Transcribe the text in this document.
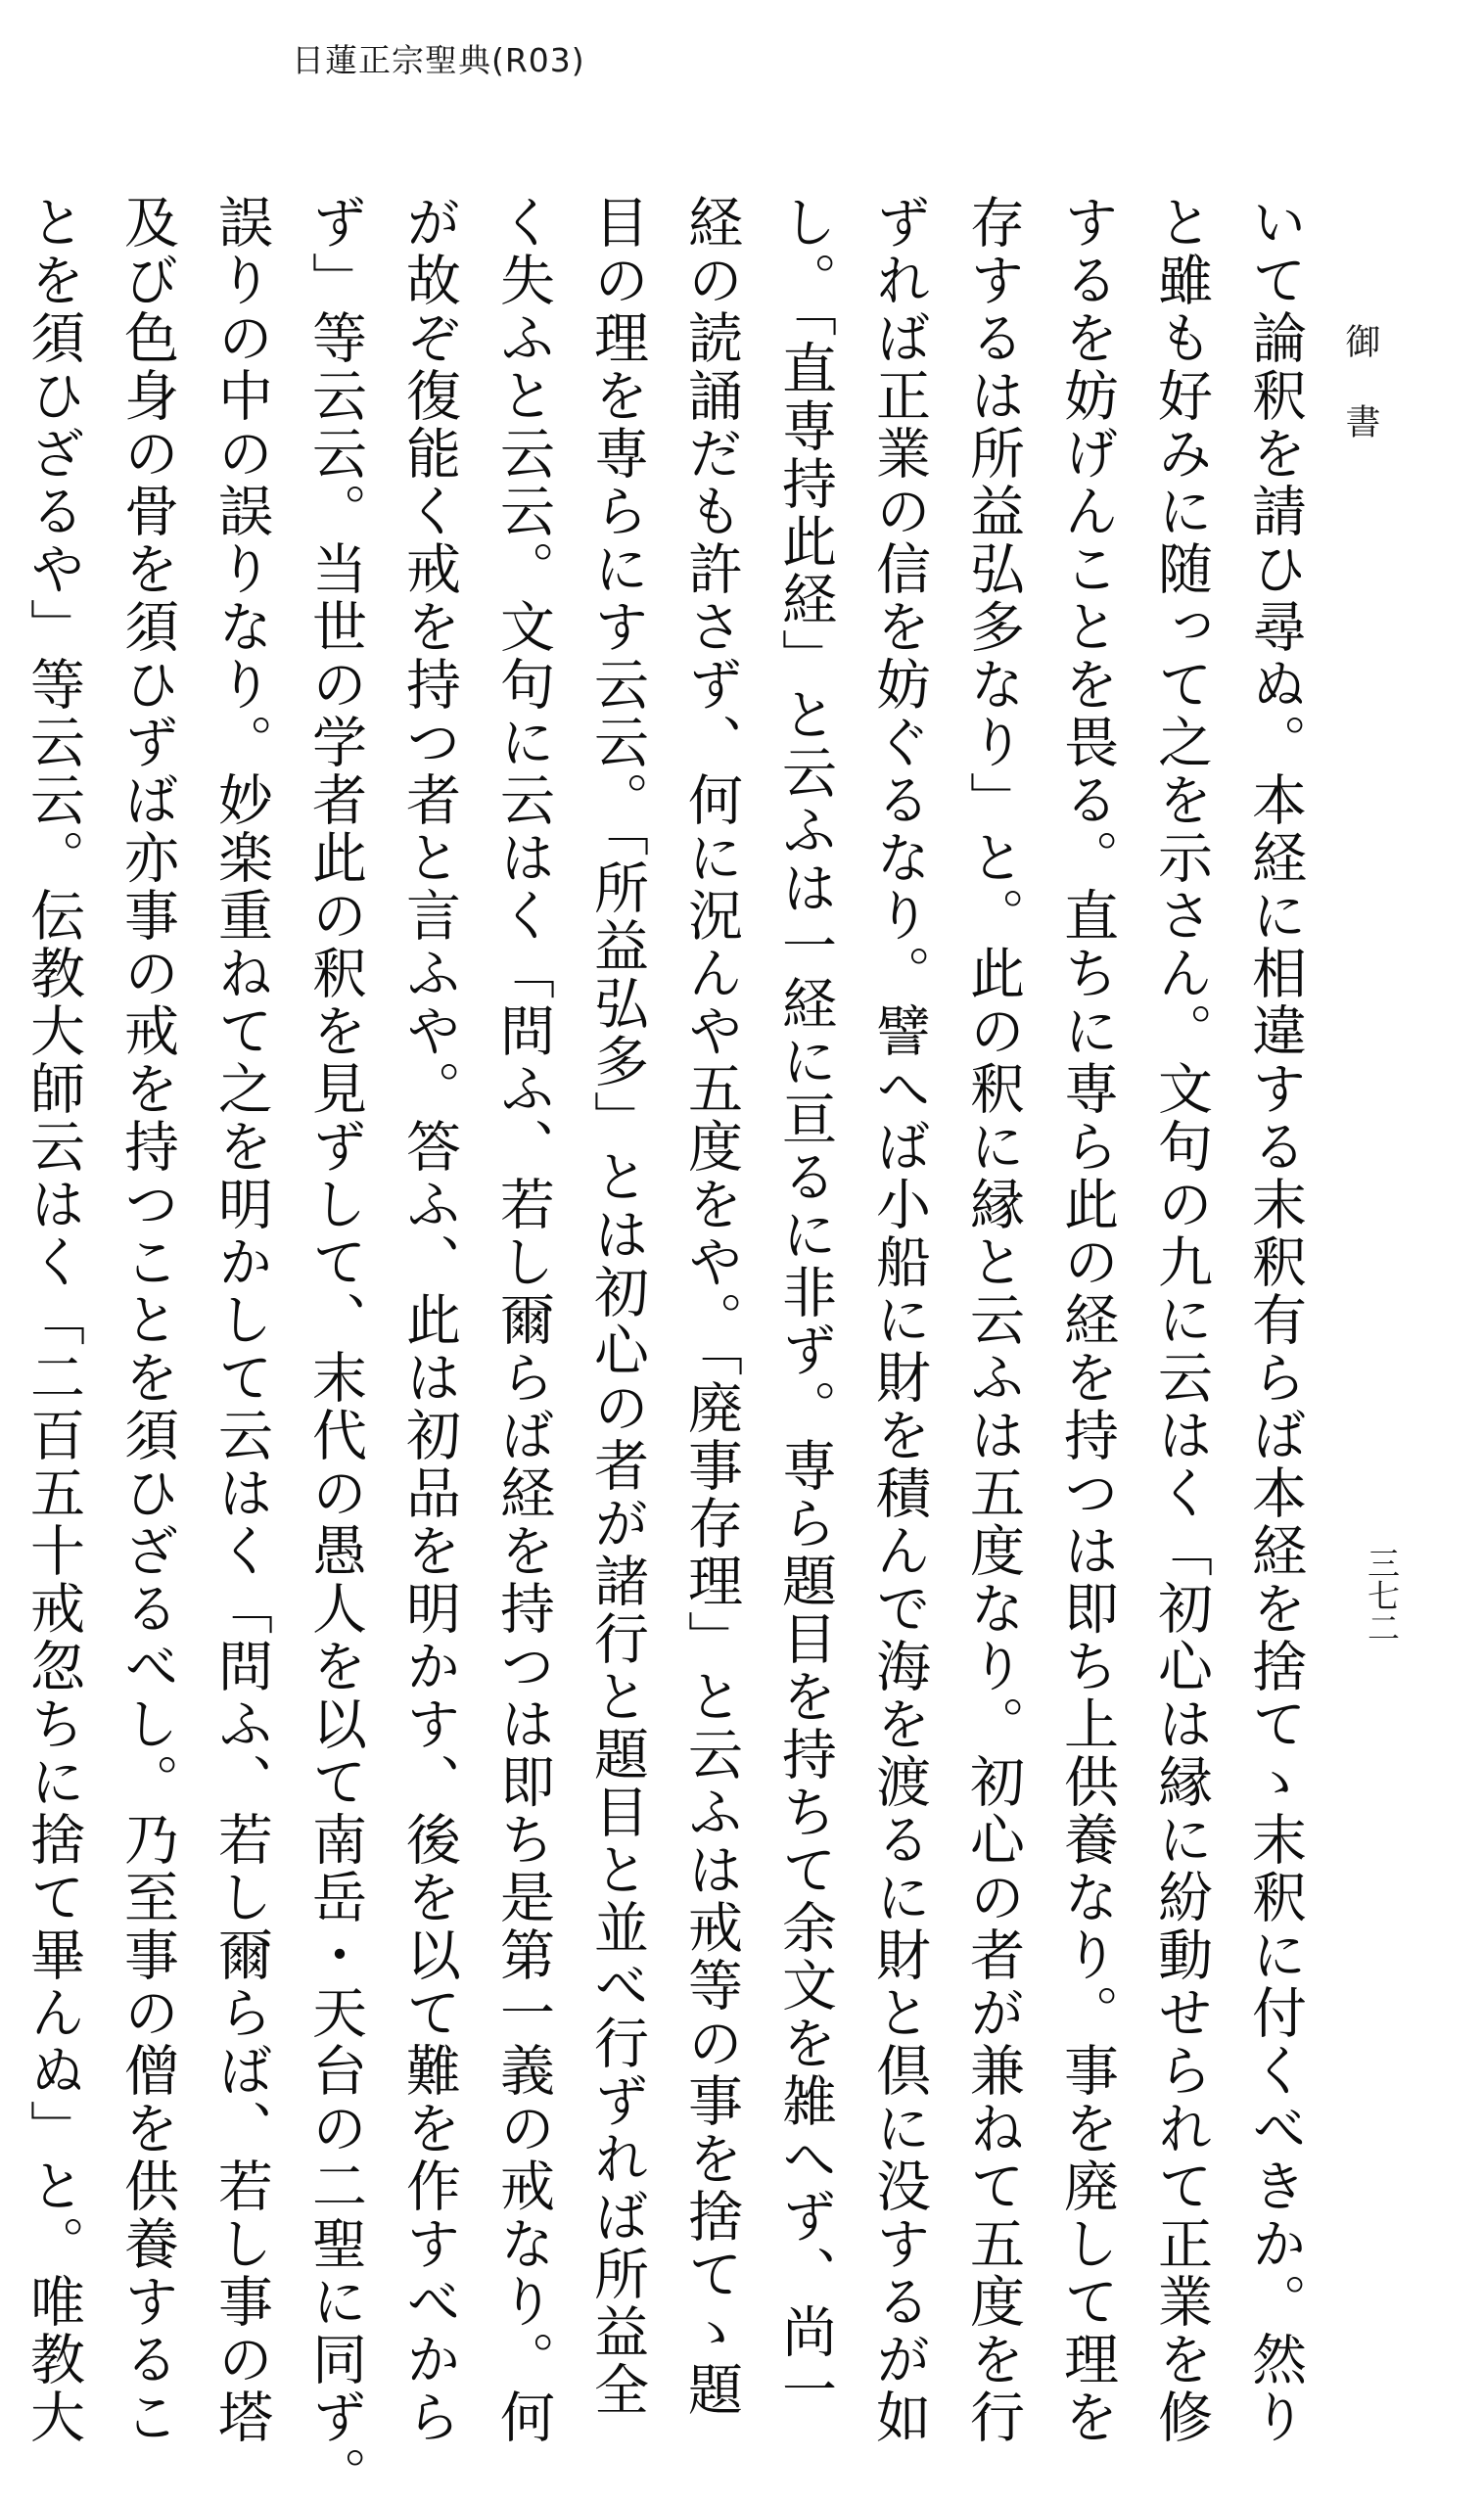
日蓮正宗聖典(R03)
御書
三七二
いて論釈を請ひ尋ぬ。本経に相違する末釈有らば本経を捨てゝ末釈に付くべきか。然り
と雖も好みに随って之を示さん。文句の九に云はく「初心は縁に紛動せられて正業を修
するを妨げんことを畏る。直ちに専ら此の経を持つは即ち上供養なり。事を廃して理を
存するは所益弘多なり」と。此の釈に縁と云ふは五度なり。初心の者が兼ねて五度を行
ずれば正業の信を妨ぐるなり。譬へば小船に財を積んで海を渡るに財と倶に没するが如
し。「直専持此経」と云ふは一経に亘るに非ず。専ら題目を持ちて余文を雑へず、尚一
経の読誦だも許さず、何に況んや五度をや。「廃事存理」と云ふは戒等の事を捨てゝ題
目の理を専らにす云云。「所益弘多」とは初心の者が諸行と題目と並べ行ずれば所益全
く失ふと云云。文句に云はく「問ふ、若し爾らば経を持つは即ち是第一義の戒なり。何
が故ぞ復能く戒を持つ者と言ふや。答ふ、此は初品を明かす、後を以て難を作すべから
ず」等云云。当世の学者此の釈を見ずして、末代の愚人を以て南岳・天台の二聖に同ず。
誤りの中の誤りなり。妙楽重ねて之を明かして云はく「問ふ、若し爾らば、若し事の塔
及び色身の骨を須ひずば亦事の戒を持つことを須ひざるべし。乃至事の僧を供養するこ
とを須ひざるや」等云云。伝教大師云はく「二百五十戒忽ちに捨て畢んぬ」と。唯教大
